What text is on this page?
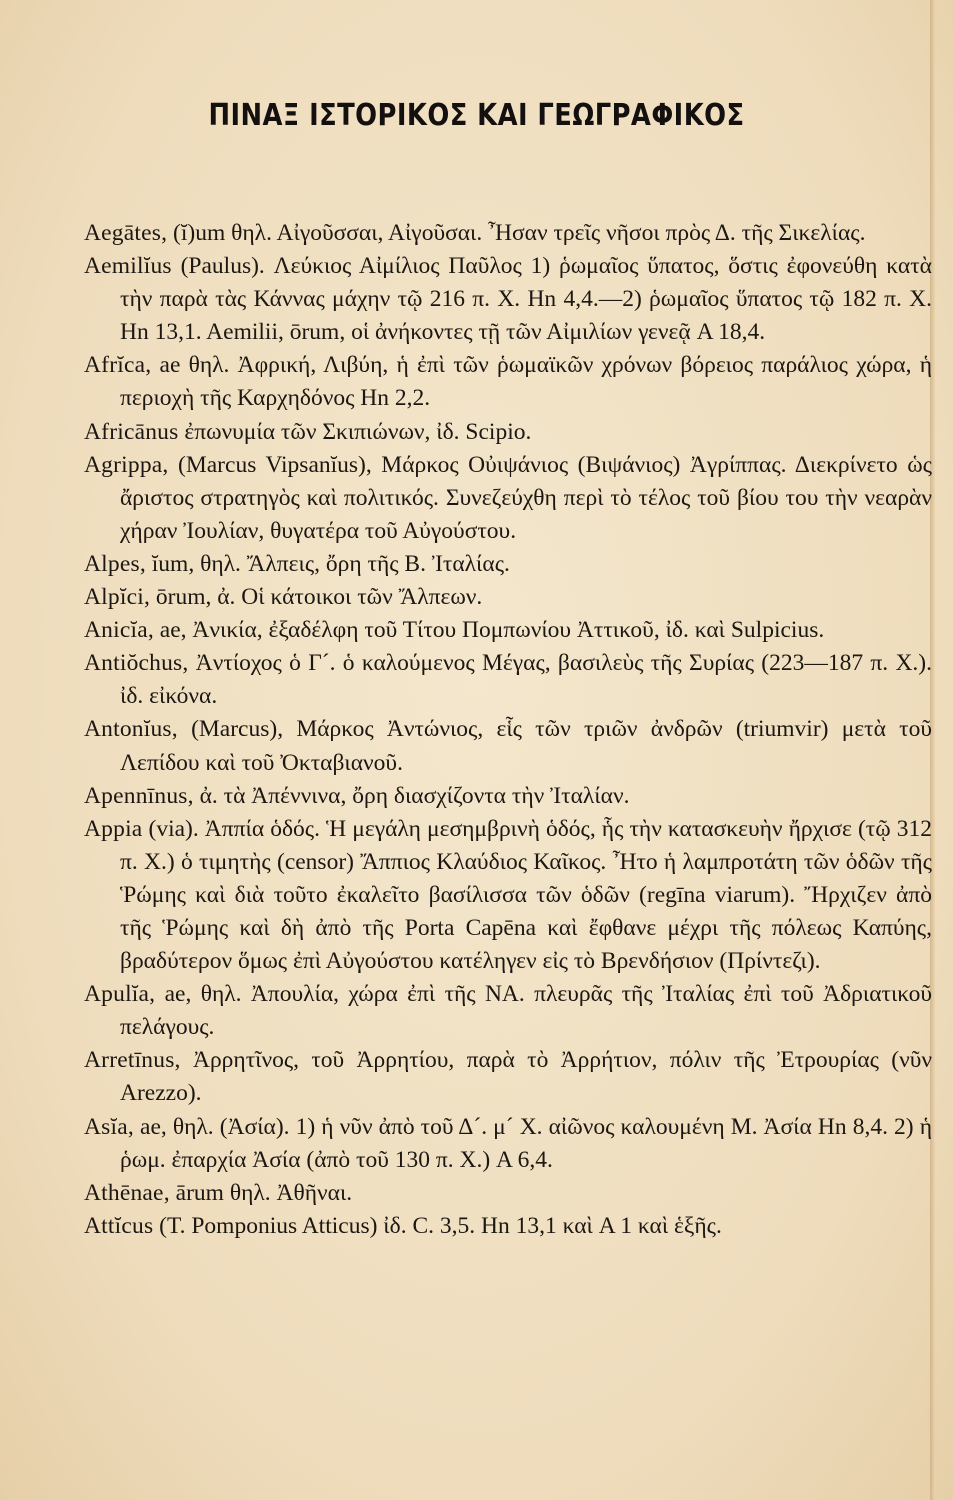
ΠΙΝΑΞ ΙΣΤΟΡΙΚΟΣ ΚΑΙ ΓΕΩΓΡΑΦΙΚΟΣ

Aegātes, (ĭ)um θηλ. Αἰγοῦσσαι, Αἰγοῦσαι. Ἦσαν τρεῖς νῆσοι πρὸς Δ. τῆς Σικελίας.

Aemilĭus (Paulus). Λεύκιος Αἰμίλιος Παῦλος 1) ῥωμαῖος ὕπατος, ὅστις ἐφονεύθη κατὰ τὴν παρὰ τὰς Κάννας μάχην τῷ 216 π. Χ. Ηn 4,4.—2) ῥωμαῖος ὕπατος τῷ 182 π. Χ. Ηn 13,1. Aemilii, ōrum, οἱ ἀνήκοντες τῇ τῶν Αἰμιλίων γενεᾷ A 18,4.

Afrĭca, ae θηλ. Ἀφρική, Λιβύη, ἡ ἐπὶ τῶν ῥωμαϊκῶν χρόνων βόρειος παράλιος χώρα, ἡ περιοχὴ τῆς Καρχηδόνος Ηn 2,2.

Africānus ἐπωνυμία τῶν Σκιπιώνων, ἰδ. Scipio.

Agrippa, (Marcus Vipsanĭus), Μάρκος Οὐιψάνιος (Βιψάνιος) Ἀγρίππας. Διεκρίνετο ὡς ἄριστος στρατηγὸς καὶ πολιτικός. Συνεζεύχθη περὶ τὸ τέλος τοῦ βίου του τὴν νεαρὰν χήραν Ἰουλίαν, θυγατέρα τοῦ Αὐγούστου.

Alpes, ĭum, θηλ. Ἄλπεις, ὄρη τῆς Β. Ἰταλίας.

Alpĭci, ōrum, ἀ. Οἱ κάτοικοι τῶν Ἄλπεων.

Anicĭa, ae, Ἀνικία, ἐξαδέλφη τοῦ Τίτου Πομπωνίου Ἀττικοῦ, ἰδ. καὶ Sulpicius.

Antiŏchus, Ἀντίοχος ὁ Γ´. ὁ καλούμενος Μέγας, βασιλεὺς τῆς Συρίας (223—187 π. Χ.). ἰδ. εἰκόνα.

Antonĭus, (Marcus), Μάρκος Ἀντώνιος, εἷς τῶν τριῶν ἀνδρῶν (triumvir) μετὰ τοῦ Λεπίδου καὶ τοῦ Ὀκταβιανοῦ.

Apennīnus, ἀ. τὰ Ἀπέννινα, ὄρη διασχίζοντα τὴν Ἰταλίαν.

Appia (via). Ἀππία ὁδός. Ἡ μεγάλη μεσημβρινὴ ὁδός, ἧς τὴν κατασκευὴν ἤρχισε (τῷ 312 π. Χ.) ὁ τιμητὴς (censor) Ἄππιος Κλαύδιος Καῖκος. Ἦτο ἡ λαμπροτάτη τῶν ὁδῶν τῆς Ῥώμης καὶ διὰ τοῦτο ἐκαλεῖτο βασίλισσα τῶν ὁδῶν (regīna viarum). Ἤρχιζεν ἀπὸ τῆς Ῥώμης καὶ δὴ ἀπὸ τῆς Porta Capēna καὶ ἔφθανε μέχρι τῆς πόλεως Καπύης, βραδύτερον ὅμως ἐπὶ Αὐγούστου κατέληγεν εἰς τὸ Βρενδήσιον (Πρίντεζι).

Apulĭa, ae, θηλ. Ἀπουλία, χώρα ἐπὶ τῆς ΝΑ. πλευρᾶς τῆς Ἰταλίας ἐπὶ τοῦ Ἀδριατικοῦ πελάγους.

Arretīnus, Ἀρρητῖνος, τοῦ Ἀρρητίου, παρὰ τὸ Ἀρρήτιον, πόλιν τῆς Ἐτρουρίας (νῦν Arezzo).

Asĭa, ae, θηλ. (Ἀσία). 1) ἡ νῦν ἀπὸ τοῦ Δ´. μ´ Χ. αἰῶνος καλουμένη Μ. Ἀσία Ηn 8,4. 2) ἡ ῥωμ. ἐπαρχία Ἀσία (ἀπὸ τοῦ 130 π. Χ.) A 6,4.

Athēnae, ārum θηλ. Ἀθῆναι.

Attĭcus (T. Pomponius Atticus) ἰδ. C. 3,5. Ηn 13,1 καὶ A 1 καὶ ἑξῆς.
